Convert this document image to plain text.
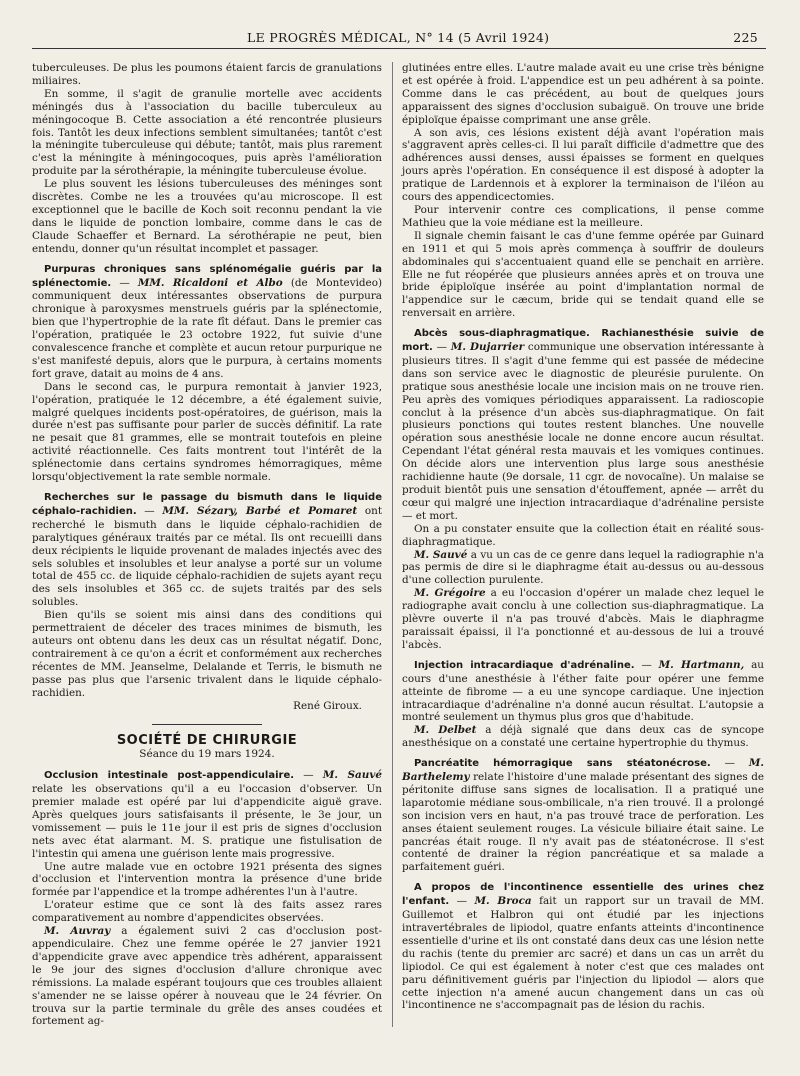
LE PROGRÈS MÉDICAL, N° 14 (5 Avril 1924)	225

tuberculeuses. De plus les poumons étaient farcis de granulations miliaires.

En somme, il s'agit de granulie mortelle avec accidents méningés dus à l'association du bacille tuberculeux au méningocoque B. Cette association a été rencontrée plusieurs fois. Tantôt les deux infections semblent simultanées; tantôt c'est la méningite tuberculeuse qui débute; tantôt, mais plus rarement c'est la méningite à méningocoques, puis après l'amélioration produite par la sérothérapie, la méningite tuberculeuse évolue.

Le plus souvent les lésions tuberculeuses des méninges sont discrètes. Combe ne les a trouvées qu'au microscope. Il est exceptionnel que le bacille de Koch soit reconnu pendant la vie dans le liquide de ponction lombaire, comme dans le cas de Claude Schaeffer et Bernard. La sérothérapie ne peut, bien entendu, donner qu'un résultat incomplet et passager.

Purpuras chroniques sans splénomégalie guéris par la splénectomie. — MM. Ricaldoni et Albo (de Montevideo) communiquent deux intéressantes observations de purpura chronique à paroxysmes menstruels guéris par la splénectomie, bien que l'hypertrophie de la rate fît défaut. Dans le premier cas l'opération, pratiquée le 23 octobre 1922, fut suivie d'une convalescence franche et complète et aucun retour purpurique ne s'est manifesté depuis, alors que le purpura, à certains moments fort grave, datait au moins de 4 ans.

Dans le second cas, le purpura remontait à janvier 1923, l'opération, pratiquée le 12 décembre, a été également suivie, malgré quelques incidents post-opératoires, de guérison, mais la durée n'est pas suffisante pour parler de succès définitif. La rate ne pesait que 81 grammes, elle se montrait toutefois en pleine activité réactionnelle. Ces faits montrent tout l'intérêt de la splénectomie dans certains syndromes hémorragiques, même lorsqu'objectivement la rate semble normale.

Recherches sur le passage du bismuth dans le liquide céphalo-rachidien. — MM. Sézary, Barbé et Pomaret ont recherché le bismuth dans le liquide céphalo-rachidien de paralytiques généraux traités par ce métal. Ils ont recueilli dans deux récipients le liquide provenant de malades injectés avec des sels solubles et insolubles et leur analyse a porté sur un volume total de 455 cc. de liquide céphalo-rachidien de sujets ayant reçu des sels insolubles et 365 cc. de sujets traités par des sels solubles.

Bien qu'ils se soient mis ainsi dans des conditions qui permettraient de déceler des traces minimes de bismuth, les auteurs ont obtenu dans les deux cas un résultat négatif. Donc, contrairement à ce qu'on a écrit et conformément aux recherches récentes de MM. Jeanselme, Delalande et Terris, le bismuth ne passe pas plus que l'arsenic trivalent dans le liquide céphalo-rachidien.

René Giroux.

SOCIÉTÉ DE CHIRURGIE
Séance du 19 mars 1924.

Occlusion intestinale post-appendiculaire. — M. Sauvé relate les observations qu'il a eu l'occasion d'observer. Un premier malade est opéré par lui d'appendicite aiguë grave. Après quelques jours satisfaisants il présente, le 3e jour, un vomissement — puis le 11e jour il est pris de signes d'occlusion nets avec état alarmant. M. S. pratique une fistulisation de l'intestin qui amena une guérison lente mais progressive.

Une autre malade vue en octobre 1921 présenta des signes d'occlusion et l'intervention montra la présence d'une bride formée par l'appendice et la trompe adhérentes l'un à l'autre.

L'orateur estime que ce sont là des faits assez rares comparativement au nombre d'appendicites observées.

M. Auvray a également suivi 2 cas d'occlusion post-appendiculaire. Chez une femme opérée le 27 janvier 1921 d'appendicite grave avec appendice très adhérent, apparaissent le 9e jour des signes d'occlusion d'allure chronique avec rémissions. La malade espérant toujours que ces troubles allaient s'amender ne se laisse opérer à nouveau que le 24 février. On trouva sur la partie terminale du grêle des anses coudées et fortement ag-

glutinées entre elles. L'autre malade avait eu une crise très bénigne et est opérée à froid. L'appendice est un peu adhérent à sa pointe. Comme dans le cas précédent, au bout de quelques jours apparaissent des signes d'occlusion subaiguë. On trouve une bride épiploïque épaisse comprimant une anse grêle.

A son avis, ces lésions existent déjà avant l'opération mais s'aggravent après celles-ci. Il lui paraît difficile d'admettre que des adhérences aussi denses, aussi épaisses se forment en quelques jours après l'opération. En conséquence il est disposé à adopter la pratique de Lardennois et à explorer la terminaison de l'iléon au cours des appendicectomies.

Pour intervenir contre ces complications, il pense comme Mathieu que la voie médiane est la meilleure.

Il signale chemin faisant le cas d'une femme opérée par Guinard en 1911 et qui 5 mois après commença à souffrir de douleurs abdominales qui s'accentuaient quand elle se penchait en arrière. Elle ne fut réopérée que plusieurs années après et on trouva une bride épiploïque insérée au point d'implantation normal de l'appendice sur le cæcum, bride qui se tendait quand elle se renversait en arrière.

Abcès sous-diaphragmatique. Rachianesthésie suivie de mort. — M. Dujarrier communique une observation intéressante à plusieurs titres. Il s'agit d'une femme qui est passée de médecine dans son service avec le diagnostic de pleurésie purulente. On pratique sous anesthésie locale une incision mais on ne trouve rien. Peu après des vomiques périodiques apparaissent. La radioscopie conclut à la présence d'un abcès sus-diaphragmatique. On fait plusieurs ponctions qui toutes restent blanches. Une nouvelle opération sous anesthésie locale ne donne encore aucun résultat. Cependant l'état général resta mauvais et les vomiques continues. On décide alors une intervention plus large sous anesthésie rachidienne haute (9e dorsale, 11 cgr. de novocaïne). Un malaise se produit bientôt puis une sensation d'étouffement, apnée — arrêt du cœur qui malgré une injection intracardiaque d'adrénaline persiste — et mort.

On a pu constater ensuite que la collection était en réalité sous-diaphragmatique.

M. Sauvé a vu un cas de ce genre dans lequel la radiographie n'a pas permis de dire si le diaphragme était au-dessus ou au-dessous d'une collection purulente.

M. Grégoire a eu l'occasion d'opérer un malade chez lequel le radiographe avait conclu à une collection sus-diaphragmatique. La plèvre ouverte il n'a pas trouvé d'abcès. Mais le diaphragme paraissait épaissi, il l'a ponctionné et au-dessous de lui a trouvé l'abcès.

Injection intracardiaque d'adrénaline. — M. Hartmann, au cours d'une anesthésie à l'éther faite pour opérer une femme atteinte de fibrome — a eu une syncope cardiaque. Une injection intracardiaque d'adrénaline n'a donné aucun résultat. L'autopsie a montré seulement un thymus plus gros que d'habitude.

M. Delbet a déjà signalé que dans deux cas de syncope anesthésique on a constaté une certaine hypertrophie du thymus.

Pancréatite hémorragique sans stéatonécrose. — M. Barthelemy relate l'histoire d'une malade présentant des signes de péritonite diffuse sans signes de localisation. Il a pratiqué une laparotomie médiane sous-ombilicale, n'a rien trouvé. Il a prolongé son incision vers en haut, n'a pas trouvé trace de perforation. Les anses étaient seulement rouges. La vésicule biliaire était saine. Le pancréas était rouge. Il n'y avait pas de stéatonécrose. Il s'est contenté de drainer la région pancréatique et sa malade a parfaitement guéri.

A propos de l'incontinence essentielle des urines chez l'enfant. — M. Broca fait un rapport sur un travail de MM. Guillemot et Halbron qui ont étudié par les injections intravertébrales de lipiodol, quatre enfants atteints d'incontinence essentielle d'urine et ils ont constaté dans deux cas une lésion nette du rachis (tente du premier arc sacré) et dans un cas un arrêt du lipiodol. Ce qui est également à noter c'est que ces malades ont paru définitivement guéris par l'injection du lipiodol — alors que cette injection n'a amené aucun changement dans un cas où l'incontinence ne s'accompagnait pas de lésion du rachis.
